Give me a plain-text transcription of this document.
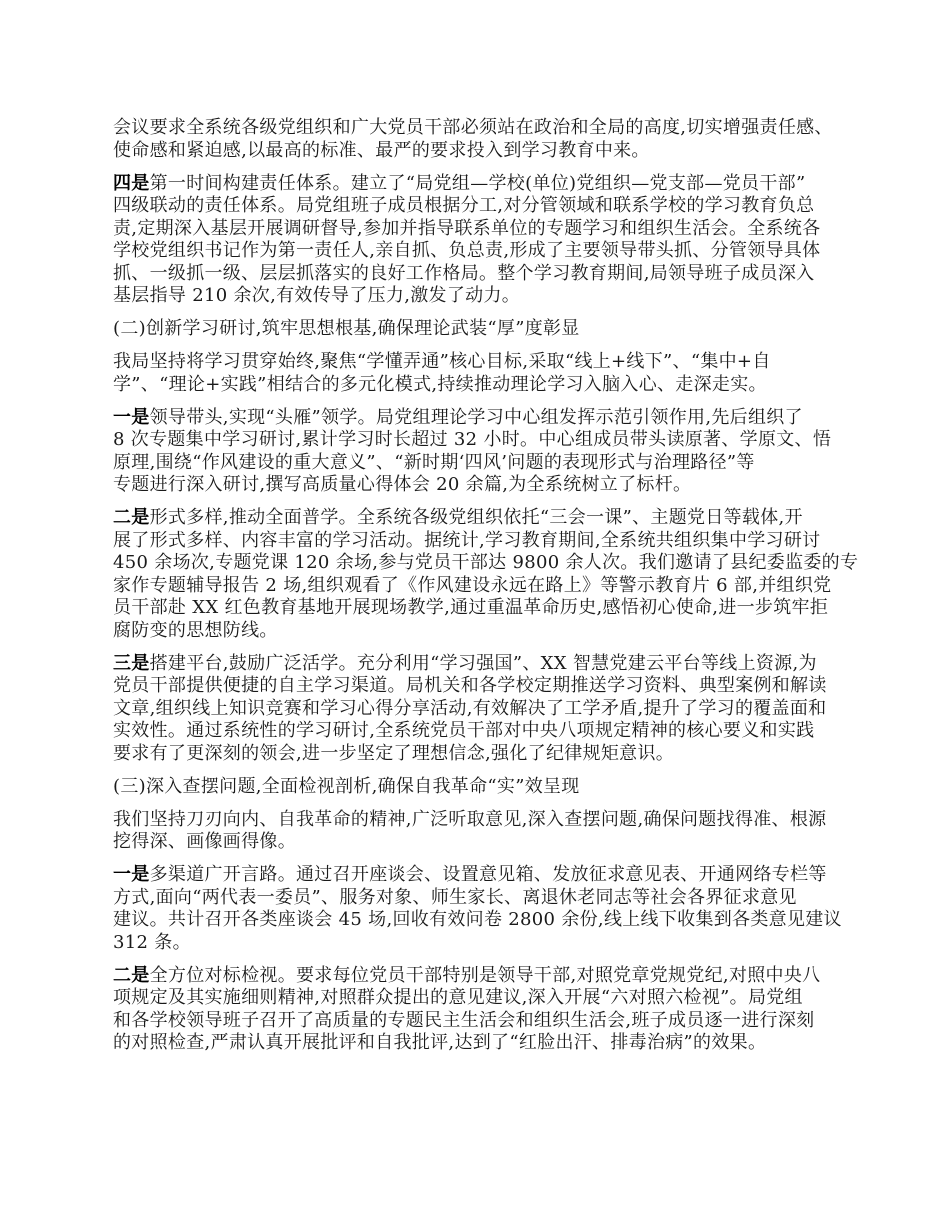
会议要求全系统各级党组织和广大党员干部必须站在政治和全局的高度,切实增强责任感、
使命感和紧迫感,以最高的标准、最严的要求投入到学习教育中来。
四是第一时间构建责任体系。建立了“局党组—学校(单位)党组织—党支部—党员干部”
四级联动的责任体系。局党组班子成员根据分工,对分管领域和联系学校的学习教育负总
责,定期深入基层开展调研督导,参加并指导联系单位的专题学习和组织生活会。全系统各
学校党组织书记作为第一责任人,亲自抓、负总责,形成了主要领导带头抓、分管领导具体
抓、一级抓一级、层层抓落实的良好工作格局。整个学习教育期间,局领导班子成员深入
基层指导 210 余次,有效传导了压力,激发了动力。
(二)创新学习研讨,筑牢思想根基,确保理论武装“厚”度彰显
我局坚持将学习贯穿始终,聚焦“学懂弄通”核心目标,采取“线上+线下”、“集中+自
学”、“理论+实践”相结合的多元化模式,持续推动理论学习入脑入心、走深走实。
一是领导带头,实现“头雁”领学。局党组理论学习中心组发挥示范引领作用,先后组织了
8 次专题集中学习研讨,累计学习时长超过 32 小时。中心组成员带头读原著、学原文、悟
原理,围绕“作风建设的重大意义”、“新时期‘四风’问题的表现形式与治理路径”等
专题进行深入研讨,撰写高质量心得体会 20 余篇,为全系统树立了标杆。
二是形式多样,推动全面普学。全系统各级党组织依托“三会一课”、主题党日等载体,开
展了形式多样、内容丰富的学习活动。据统计,学习教育期间,全系统共组织集中学习研讨
450 余场次,专题党课 120 余场,参与党员干部达 9800 余人次。我们邀请了县纪委监委的专
家作专题辅导报告 2 场,组织观看了《作风建设永远在路上》等警示教育片 6 部,并组织党
员干部赴 XX 红色教育基地开展现场教学,通过重温革命历史,感悟初心使命,进一步筑牢拒
腐防变的思想防线。
三是搭建平台,鼓励广泛活学。充分利用“学习强国”、XX 智慧党建云平台等线上资源,为
党员干部提供便捷的自主学习渠道。局机关和各学校定期推送学习资料、典型案例和解读
文章,组织线上知识竞赛和学习心得分享活动,有效解决了工学矛盾,提升了学习的覆盖面和
实效性。通过系统性的学习研讨,全系统党员干部对中央八项规定精神的核心要义和实践
要求有了更深刻的领会,进一步坚定了理想信念,强化了纪律规矩意识。
(三)深入查摆问题,全面检视剖析,确保自我革命“实”效呈现
我们坚持刀刃向内、自我革命的精神,广泛听取意见,深入查摆问题,确保问题找得准、根源
挖得深、画像画得像。
一是多渠道广开言路。通过召开座谈会、设置意见箱、发放征求意见表、开通网络专栏等
方式,面向“两代表一委员”、服务对象、师生家长、离退休老同志等社会各界征求意见
建议。共计召开各类座谈会 45 场,回收有效问卷 2800 余份,线上线下收集到各类意见建议
312 条。
二是全方位对标检视。要求每位党员干部特别是领导干部,对照党章党规党纪,对照中央八
项规定及其实施细则精神,对照群众提出的意见建议,深入开展“六对照六检视”。局党组
和各学校领导班子召开了高质量的专题民主生活会和组织生活会,班子成员逐一进行深刻
的对照检查,严肃认真开展批评和自我批评,达到了“红脸出汗、排毒治病”的效果。
